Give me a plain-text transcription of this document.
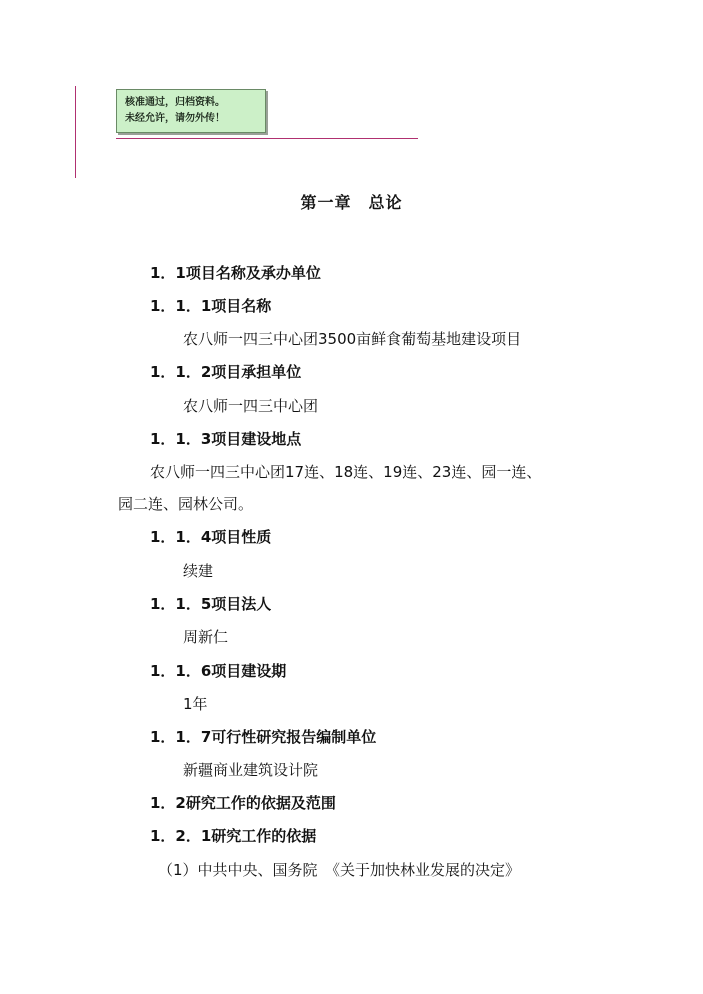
核准通过，归档资料。
未经允许，请勿外传！
第一章　总论
1．1项目名称及承办单位
1．1．1项目名称
农八师一四三中心团3500亩鲜食葡萄基地建设项目
1．1．2项目承担单位
农八师一四三中心团
1．1．3项目建设地点
农八师一四三中心团17连、18连、19连、23连、园一连、
园二连、园林公司。
1．1．4项目性质
续建
1．1．5项目法人
周新仁
1．1．6项目建设期
1年
1．1．7可行性研究报告编制单位
新疆商业建筑设计院
1．2研究工作的依据及范围
1．2．1研究工作的依据
（1）中共中央、国务院　《关于加快林业发展的决定》
